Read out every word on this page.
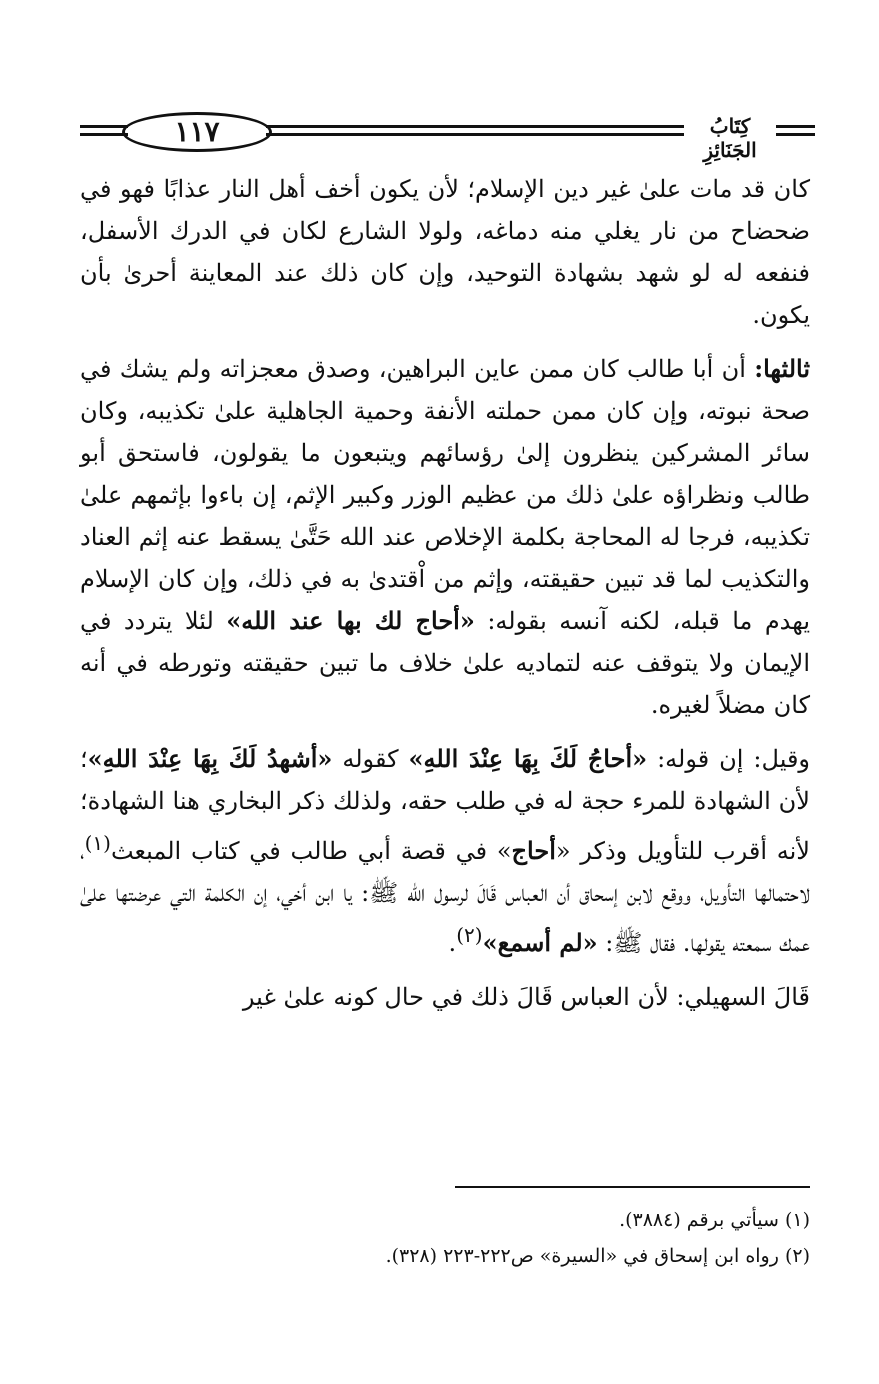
١١٧	كِتَابُ الجَنَائِزِ

كان قد مات علىٰ غير دين الإسلام؛ لأن يكون أخف أهل النار عذابًا فهو في ضحضاح من نار يغلي منه دماغه، ولولا الشارع لكان في الدرك الأسفل، فنفعه له لو شهد بشهادة التوحيد، وإن كان ذلك عند المعاينة أحرىٰ بأن يكون.

ثالثها: أن أبا طالب كان ممن عاين البراهين، وصدق معجزاته ولم يشك في صحة نبوته، وإن كان ممن حملته الأنفة وحمية الجاهلية علىٰ تكذيبه، وكان سائر المشركين ينظرون إلىٰ رؤسائهم ويتبعون ما يقولون، فاستحق أبو طالب ونظراؤه علىٰ ذلك من عظيم الوزر وكبير الإثم، إن باءوا بإثمهم علىٰ تكذيبه، فرجا له المحاجة بكلمة الإخلاص عند الله حَتَّىٰ يسقط عنه إثم العناد والتكذيب لما قد تبين حقيقته، وإثم من اْقتدىٰ به في ذلك، وإن كان الإسلام يهدم ما قبله، لكنه آنسه بقوله: «أحاج لك بها عند الله» لئلا يتردد في الإيمان ولا يتوقف عنه لتماديه علىٰ خلاف ما تبين حقيقته وتورطه في أنه كان مضلاً لغيره.

وقيل: إن قوله: «أحاجُ لَكَ بِهَا عِنْدَ اللهِ» كقوله «أشهدُ لَكَ بِهَا عِنْدَ اللهِ»؛ لأن الشهادة للمرء حجة له في طلب حقه، ولذلك ذكر البخاري هنا الشهادة؛ لأنه أقرب للتأويل وذكر «أحاج» في قصة أبي طالب في كتاب المبعث$^{(١)}$، لاحتمالها التأويل، ووقع لابن إسحاق أن العباس قَالَ لرسول الله ﷺ: يا ابن أخي، إن الكلمة التي عرضتها علىٰ عمك سمعته يقولها. فقال ﷺ: «لم أسمع»$^{(٢)}$.

قَالَ السهيلي: لأن العباس قَالَ ذلك في حال كونه علىٰ غير

(١) سيأتي برقم (٣٨٨٤).
(٢) رواه ابن إسحاق في «السيرة» ص٢٢٢-٢٢٣ (٣٢٨).
